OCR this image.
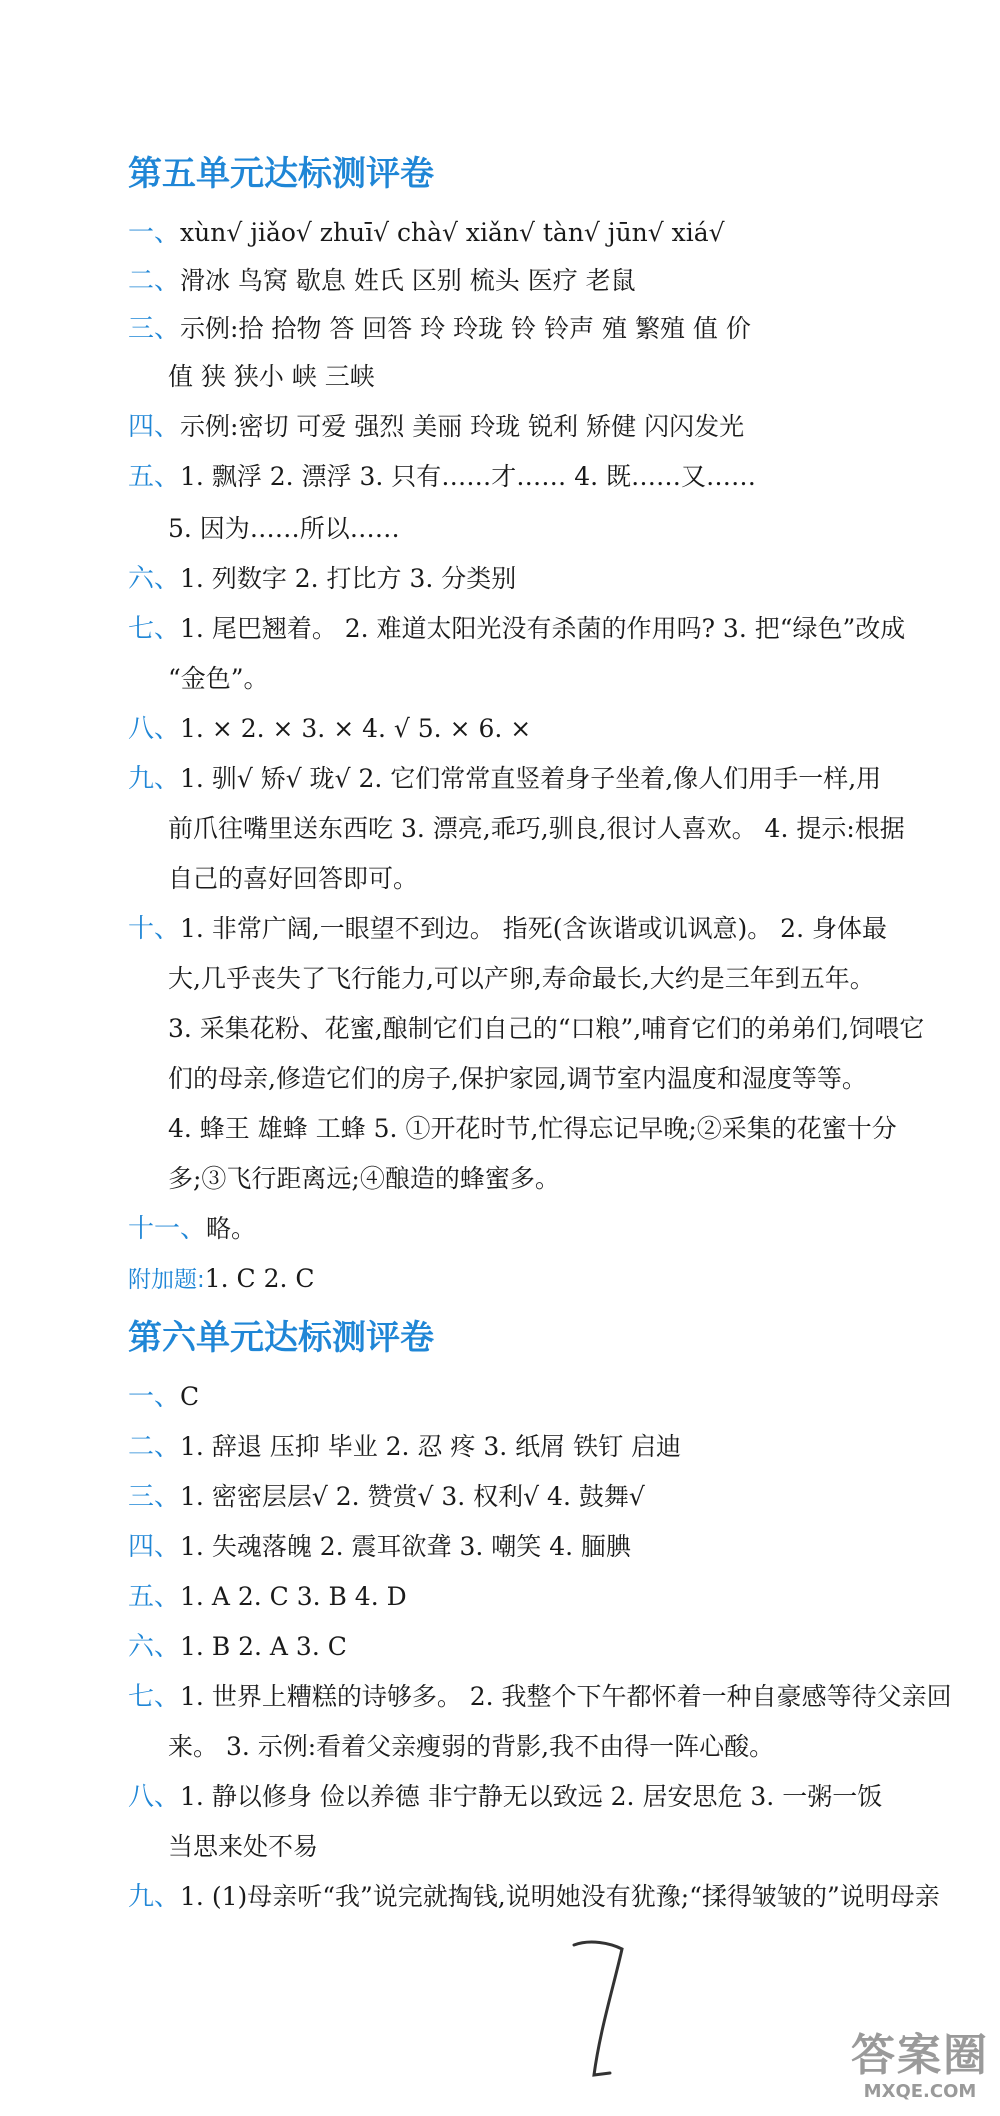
第五单元达标测评卷
一、xùn√ jiǎo√ zhuī√ chà√ xiǎn√ tàn√ jūn√ xiá√
二、滑冰 鸟窝 歇息 姓氏 区别 梳头 医疗 老鼠
三、示例:拾 拾物 答 回答 玲 玲珑 铃 铃声 殖 繁殖 值 价
值 狭 狭小 峡 三峡
四、示例:密切 可爱 强烈 美丽 玲珑 锐利 矫健 闪闪发光
五、1. 飘浮 2. 漂浮 3. 只有……才…… 4. 既……又……
5. 因为……所以……
六、1. 列数字 2. 打比方 3. 分类别
七、1. 尾巴翘着。 2. 难道太阳光没有杀菌的作用吗? 3. 把“绿色”改成
“金色”。
八、1. × 2. × 3. × 4. √ 5. × 6. ×
九、1. 驯√ 矫√ 珑√ 2. 它们常常直竖着身子坐着,像人们用手一样,用
前爪往嘴里送东西吃 3. 漂亮,乖巧,驯良,很讨人喜欢。 4. 提示:根据
自己的喜好回答即可。
十、1. 非常广阔,一眼望不到边。 指死(含诙谐或讥讽意)。 2. 身体最
大,几乎丧失了飞行能力,可以产卵,寿命最长,大约是三年到五年。
3. 采集花粉、花蜜,酿制它们自己的“口粮”,哺育它们的弟弟们,饲喂它
们的母亲,修造它们的房子,保护家园,调节室内温度和湿度等等。
4. 蜂王 雄蜂 工蜂 5. ①开花时节,忙得忘记早晚;②采集的花蜜十分
多;③飞行距离远;④酿造的蜂蜜多。
十一、略。
附加题:1. C 2. C
第六单元达标测评卷
一、C
二、1. 辞退 压抑 毕业 2. 忍 疼 3. 纸屑 铁钉 启迪
三、1. 密密层层√ 2. 赞赏√ 3. 权利√ 4. 鼓舞√
四、1. 失魂落魄 2. 震耳欲聋 3. 嘲笑 4. 腼腆
五、1. A 2. C 3. B 4. D
六、1. B 2. A 3. C
七、1. 世界上糟糕的诗够多。 2. 我整个下午都怀着一种自豪感等待父亲回
来。 3. 示例:看着父亲瘦弱的背影,我不由得一阵心酸。
八、1. 静以修身 俭以养德 非宁静无以致远 2. 居安思危 3. 一粥一饭
当思来处不易
九、1. (1)母亲听“我”说完就掏钱,说明她没有犹豫;“揉得皱皱的”说明母亲
答案圈
MXQE.COM
